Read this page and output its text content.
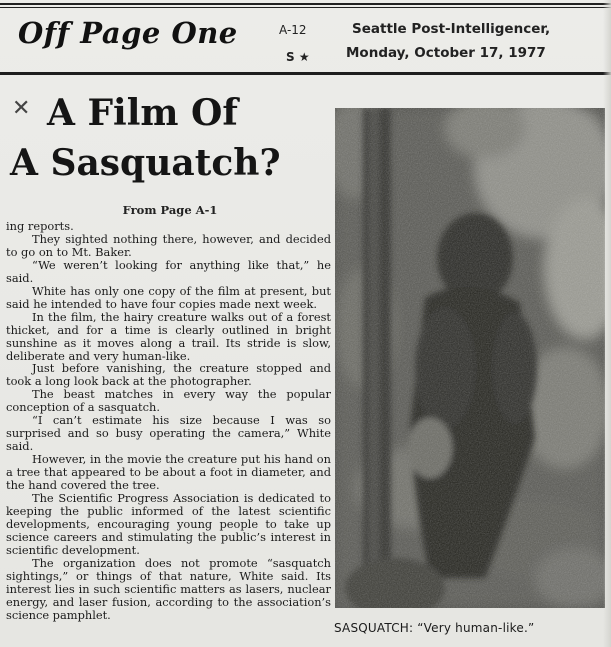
Off Page One	A-12
S ★
Seattle Post-Intelligencer,
Monday, October 17, 1977
✕ A Film Of
A Sasquatch?
From Page A-1

ing reports.

They sighted nothing there, however, and decided to go on to Mt. Baker.

“We weren’t looking for anything like that,” he said.

White has only one copy of the film at present, but said he intended to have four copies made next week.

In the film, the hairy creature walks out of a forest thicket, and for a time is clearly outlined in bright sunshine as it moves along a trail. Its stride is slow, deliberate and very human-like.

Just before vanishing, the creature stopped and took a long look back at the photographer.

The beast matches in every way the popular conception of a sasquatch.

“I can’t estimate his size because I was so surprised and so busy operating the camera,” White said.

However, in the movie the creature put his hand on a tree that appeared to be about a foot in diameter, and the hand covered the tree.

The Scientific Progress Association is dedicated to keeping the public informed of the latest scientific developments, encouraging young people to take up science careers and stimulating the public’s interest in scientific development.

The organization does not promote “sasquatch sightings,” or things of that nature, White said. Its interest lies in such scientific matters as lasers, nuclear energy, and laser fusion, according to the association’s science pamphlet.

SASQUATCH: “Very human-like.”
